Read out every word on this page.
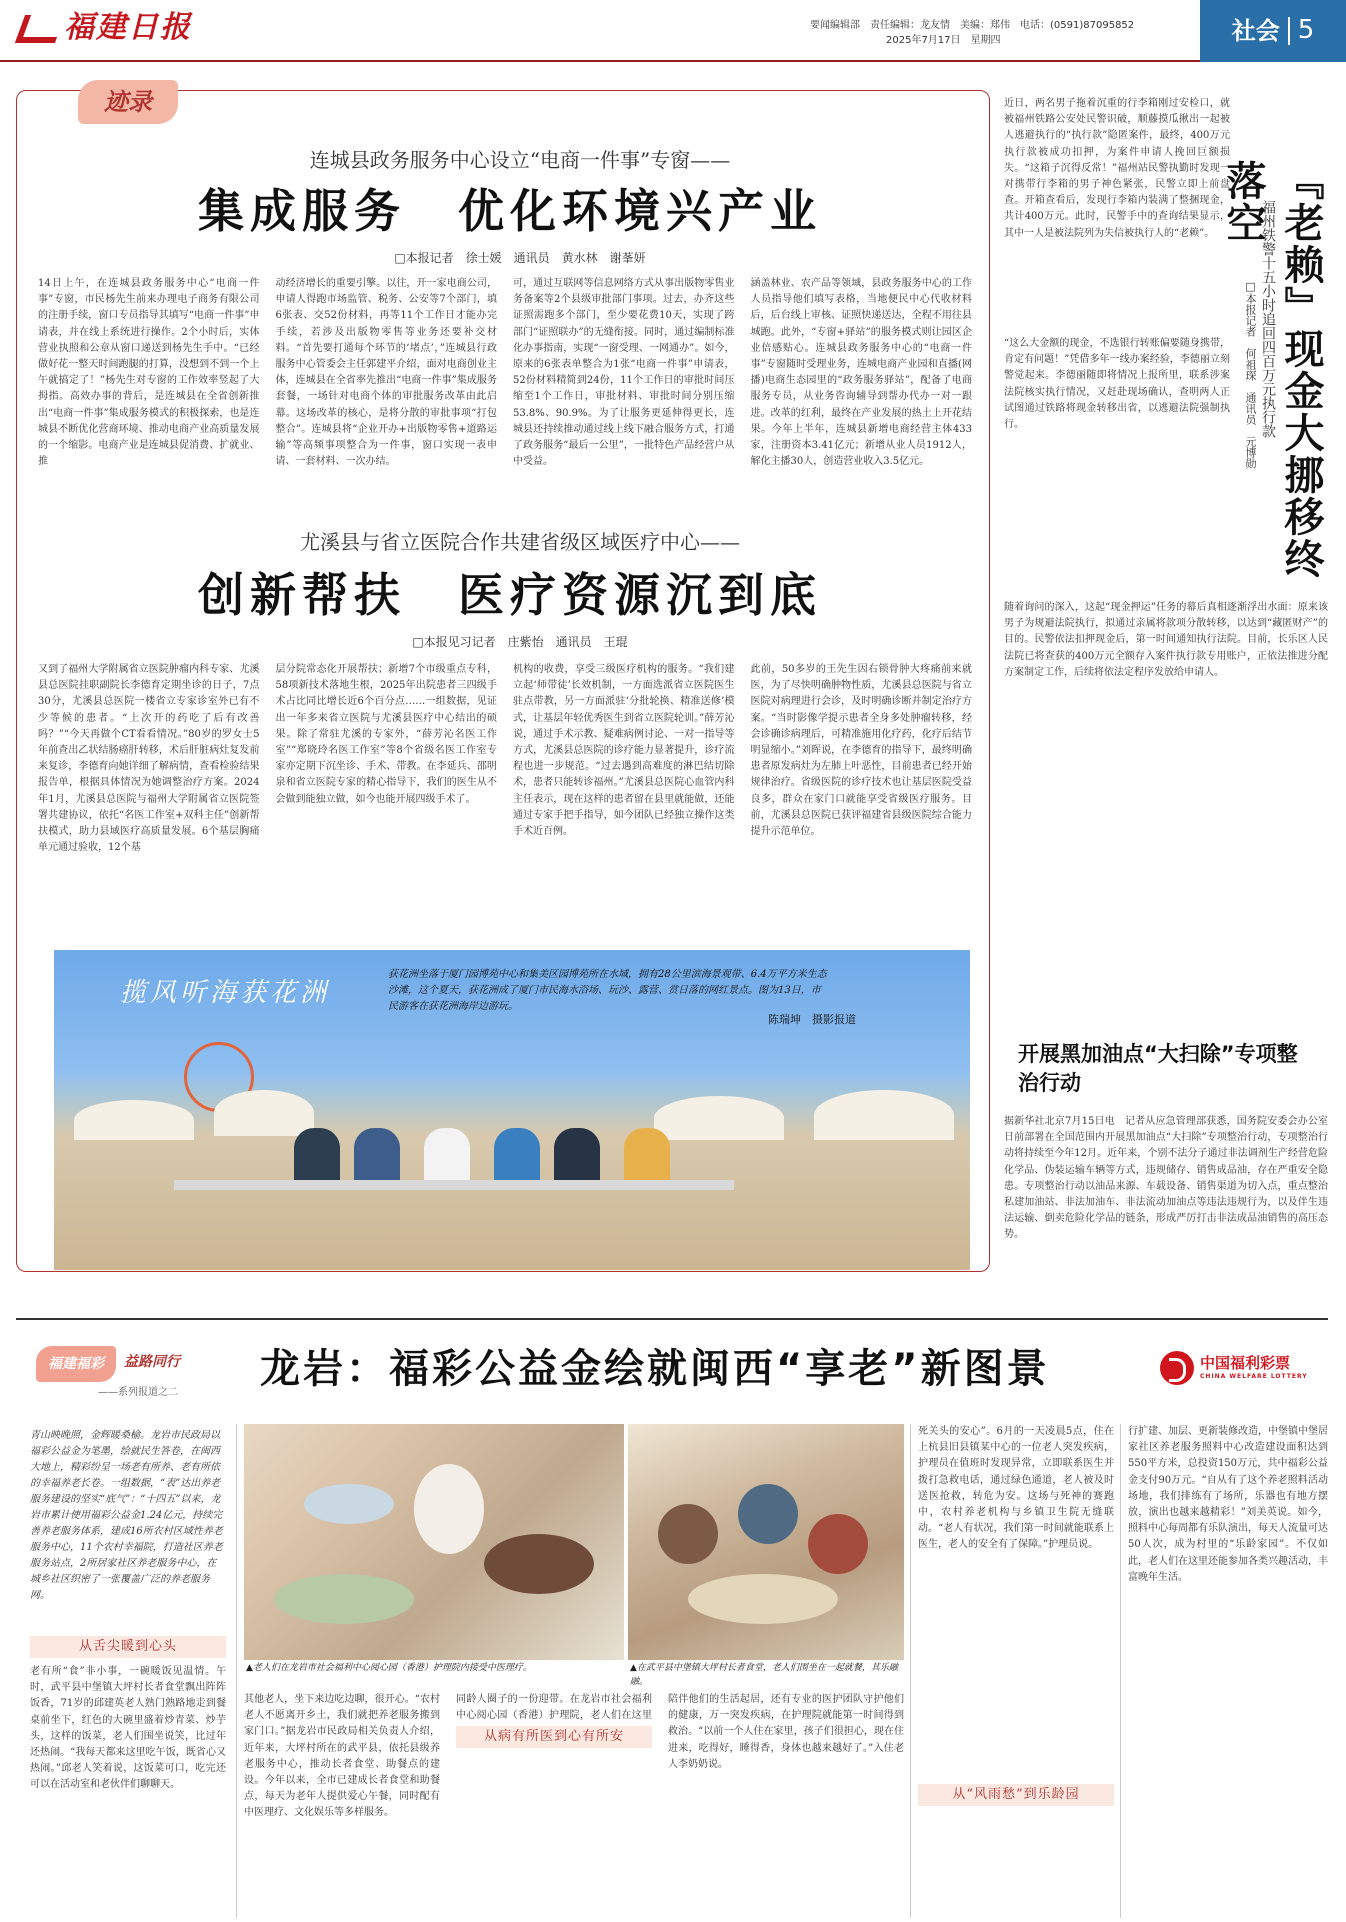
福建日报	要闻编辑部　责任编辑：龙友情　美编：郑伟　电话：(0591)87095852
2025年7月17日　星期四	社会 5
迹录
连城县政务服务中心设立“电商一件事”专窗——
集成服务　优化环境兴产业
□本报记者　徐士媛　通讯员　黄水林　谢莑妍
14日上午，在连城县政务服务中心“电商一件事”专窗，市民杨先生前来办理电子商务有限公司的注册手续，窗口专员指导其填写“电商一件事”申请表，并在线上系统进行操作。2个小时后，实体营业执照和公章从窗口递送到杨先生手中。“已经做好花一整天时间跑腿的打算，没想到不到一个上午就搞定了！”杨先生对专窗的工作效率竖起了大拇指。高效办事的背后，是连城县在全省创新推出“电商一件事”集成服务模式的积极探索，也是连城县不断优化营商环境、推动电商产业高质量发展的一个缩影。电商产业是连城县促消费、扩就业、推
动经济增长的重要引擎。以往，开一家电商公司，申请人得跑市场监管、税务、公安等7个部门，填6张表、交52份材料，再等11个工作日才能办完手续，若涉及出版物零售等业务还要补交材料。“首先要打通每个环节的‘堵点’，”连城县行政服务中心管委会主任郭建平介绍，面对电商创业主体，连城县在全省率先推出“电商一件事”集成服务套餐，一场针对电商个体的审批服务改革由此启幕。这场改革的核心，是将分散的审批事项“打包整合”。连城县将“企业开办+出版物零售+道路运输”等高频事项整合为一件事，窗口实现一表申请、一套材料、一次办结。
可，通过互联网等信息网络方式从事出版物零售业务备案等2个县级审批部门事项。过去，办齐这些证照需跑多个部门，至少要花费10天，实现了跨部门“证照联办”的无缝衔接。同时，通过编制标准化办事指南，实现“一窗受理、一网通办”。如今，原来的6张表单整合为1张“电商一件事”申请表，52份材料精简到24份，11个工作日的审批时间压缩至1个工作日，审批材料、审批时间分别压缩53.8%、90.9%。为了让服务更延伸得更长，连城县还持续推动通过线上线下融合服务方式，打通了政务服务“最后一公里”，一批特色产品经营户从中受益。
涵盖林业、农产品等领域，县政务服务中心的工作人员指导他们填写表格，当地便民中心代收材料后，后台线上审核、证照快递送达，全程不用往县城跑。此外，“专窗+驿站”的服务模式则让园区企业倍感贴心。连城县政务服务中心的“电商一件事”专窗随时受理业务，连城电商产业园和直播(网播)电商生态园里的“政务服务驿站”，配备了电商服务专员，从业务咨询辅导到帮办代办一对一跟进。改革的红利，最终在产业发展的热土上开花结果。今年上半年，连城县新增电商经营主体433家，注册资本3.41亿元；新增从业人员1912人，解化主播30人，创造营业收入3.5亿元。
尤溪县与省立医院合作共建省级区域医疗中心——
创新帮扶　医疗资源沉到底
□本报见习记者　庄紫怡　通讯员　王琨
又到了福州大学附属省立医院肿瘤内科专家、尤溪县总医院挂职副院长李德育定期坐诊的日子，7点30分，尤溪县总医院一楼省立专家诊室外已有不少等候的患者。“上次开的药吃了后有改善吗？”“今天再做个CT看看情况。”80岁的罗女士5年前查出乙状结肠癌肝转移，术后肝脏病灶复发前来复诊，李德育向她详细了解病情，查看检验结果报告单，根据具体情况为她调整治疗方案。2024年1月，尤溪县总医院与福州大学附属省立医院签署共建协议，依托“名医工作室+双科主任”创新帮扶模式，助力县域医疗高质量发展。6个基层胸痛单元通过验收，12个基
层分院常态化开展帮扶；新增7个市级重点专科，58项新技术落地生根，2025年出院患者三四级手术占比同比增长近6个百分点……一组数据，见证出一年多来省立医院与尤溪县医疗中心结出的硕果。除了常驻尤溪的专家外，“薛芳沁名医工作室”“郑晓玲名医工作室”等8个省级名医工作室专家亦定期下沉坐诊、手术、带教。在李延兵、邵明泉和省立医院专家的精心指导下，我们的医生从不会做到能独立做，如今也能开展四级手术了。
机构的收费，享受三级医疗机构的服务。“我们建立起‘师带徒’长效机制，一方面选派省立医院医生驻点带教，另一方面派驻‘分批轮换、精准送修’模式，让基层年轻优秀医生到省立医院轮训。”薛芳沁说，通过手术示教、疑难病例讨论、一对一指导等方式，尤溪县总医院的诊疗能力显著提升，诊疗流程也进一步规范。“过去遇到高难度的淋巴结切除术，患者只能转诊福州。”尤溪县总医院心血管内科主任表示，现在这样的患者留在县里就能做，还能通过专家手把手指导，如今团队已经独立操作这类手术近百例。
此前，50多岁的王先生因右锁骨肿大疼痛前来就医，为了尽快明确肿物性质，尤溪县总医院与省立医院对病理进行会诊，及时明确诊断并制定治疗方案。“当时影像学提示患者全身多处肿瘤转移，经会诊确诊病理后，可精准施用化疗药，化疗后结节明显缩小。”刘晖说，在李德育的指导下，最终明确患者原发病灶为左肺上叶恶性，目前患者已经开始规律治疗。省级医院的诊疗技术也让基层医院受益良多，群众在家门口就能享受省级医疗服务。目前，尤溪县总医院已获评福建省县级医院综合能力提升示范单位。
揽风听海获花洲
获花洲坐落于厦门园博苑中心和集美区园博苑所在水域，拥有28公里滨海景观带、6.4万平方米生态沙滩，这个夏天，获花洲成了厦门市民海水浴场、玩沙、露营、赏日落的网红景点。图为13日，市民游客在获花洲海岸边游玩。
陈瑞坤　摄影报道
近日，两名男子拖着沉重的行李箱刚过安检口，就被福州铁路公安处民警识破，顺藤摸瓜揪出一起被人逃避执行的“执行款”隐匿案件，最终，400万元执行款被成功扣押，为案件申请人挽回巨额损失。“这箱子沉得反常！”福州站民警执勤时发现一对携带行李箱的男子神色紧张，民警立即上前盘查。开箱查看后，发现行李箱内装满了整捆现金，共计400万元。此时，民警手中的查询结果显示，其中一人是被法院列为失信被执行人的“老赖”。
“这么大金额的现金，不选银行转账偏要随身携带，肯定有问题！”凭借多年一线办案经验，李德丽立刻警觉起来。李德丽随即将情况上报所里，联系涉案法院核实执行情况，又赶赴现场确认，查明两人正试图通过铁路将现金转移出省，以逃避法院强制执行。	『老赖』现金大挪移终落空
福州铁警十五小时追回四百万元执行款
□本报记者　何祖琛　通讯员　元博勋
随着询问的深入，这起“现金押运”任务的幕后真相逐渐浮出水面：原来该男子为规避法院执行，拟通过亲属将款项分散转移，以达到“藏匿财产”的目的。民警依法扣押现金后，第一时间通知执行法院。目前，长乐区人民法院已将查获的400万元全额存入案件执行款专用账户，正依法推进分配方案制定工作，后续将依法定程序发放给申请人。
开展黑加油点“大扫除”专项整治行动
据新华社北京7月15日电　记者从应急管理部获悉，国务院安委会办公室日前部署在全国范围内开展黑加油点“大扫除”专项整治行动，专项整治行动将持续至今年12月。近年来，个别不法分子通过非法调剂生产经营危险化学品、伪装运输车辆等方式，违规储存、销售成品油，存在严重安全隐患。专项整治行动以油品来源、车载设备、销售渠道为切入点，重点整治私建加油站、非法加油车、非法流动加油点等违法违规行为，以及伴生违法运输、倒卖危险化学品的链条，形成严厉打击非法成品油销售的高压态势。
福建福彩	益路同行
——系列报道之二
龙岩：福彩公益金绘就闽西“享老”新图景	中国福利彩票
CHINA WELFARE LOTTERY
青山映晚照，金辉暖桑榆。龙岩市民政局以福彩公益金为笔墨，绘就民生答卷，在闽西大地上，精彩纷呈一场老有所养、老有所依的幸福养老长卷。一组数据，“表”达出养老服务建设的坚实“底气”：“十四五”以来，龙岩市累计使用福彩公益金1.24亿元，持续完善养老服务体系，建成16所农村区域性养老服务中心，11个农村幸福院，打造社区养老服务站点，2所居家社区养老服务中心，在城乡社区织密了一张覆盖广泛的养老服务网。
▲老人们在龙岩市社会福利中心阅心园（香港）护理院内接受中医理疗。	▲在武平县中堡镇大坪村长者食堂，老人们围坐在一起就餐，其乐融融。
从舌尖暖到心头
老有所“食”非小事，一碗暖饭见温情。午时，武平县中堡镇大坪村长者食堂飘出阵阵饭香，71岁的邱建英老人熟门熟路地走到餐桌前坐下，红色的大碗里盛着炒青菜、炒芋头，这样的饭菜，老人们围坐说笑，比过年还热闹。“我每天都来这里吃午饭，既省心又热闹。”邱老人笑着说，这饭菜可口，吃完还可以在活动室和老伙伴们聊聊天。
其他老人，坐下来边吃边聊，很开心。“农村老人不愿离开乡土，我们就把养老服务搬到家门口。”据龙岩市民政局相关负责人介绍，近年来，大坪村所在的武平县，依托县级养老服务中心，推动长者食堂、助餐点的建设。今年以来，全市已建成长者食堂和助餐点，每天为老年人提供爱心午餐，同时配有中医理疗、文化娱乐等多样服务。
同龄人圈子的一份迎带。在龙岩市社会福利中心阅心园（香港）护理院，老人们在这里
从病有所医到心有所安
陪伴他们的生活起居，还有专业的医护团队守护他们的健康，万一突发疾病，在护理院就能第一时间得到救治。“以前一个人住在家里，孩子们很担心，现在住进来，吃得好，睡得香，身体也越来越好了。”入住老人李奶奶说。
死关头的安心”。6月的一天凌晨5点，住在上杭县旧县镇某中心的一位老人突发疾病，护理员在值班时发现异常，立即联系医生并拨打急救电话，通过绿色通道，老人被及时送医抢救，转危为安。这场与死神的赛跑中，农村养老机构与乡镇卫生院无缝联动。“老人有状况，我们第一时间就能联系上医生，老人的安全有了保障。”护理员说。
从“风雨愁”到乐龄园
行扩建、加层、更新装修改造，中堡镇中堡居家社区养老服务照料中心改造建设面积达到550平方米，总投资150万元，共中福彩公益金支付90万元。“自从有了这个养老照料活动场地，我们排练有了场所，乐器也有地方摆放，演出也越来越精彩！”刘美英说。如今，照料中心每周都有乐队演出，每天人流量可达50人次，成为村里的“乐龄家园”。不仅如此，老人们在这里还能参加各类兴趣活动，丰富晚年生活。
